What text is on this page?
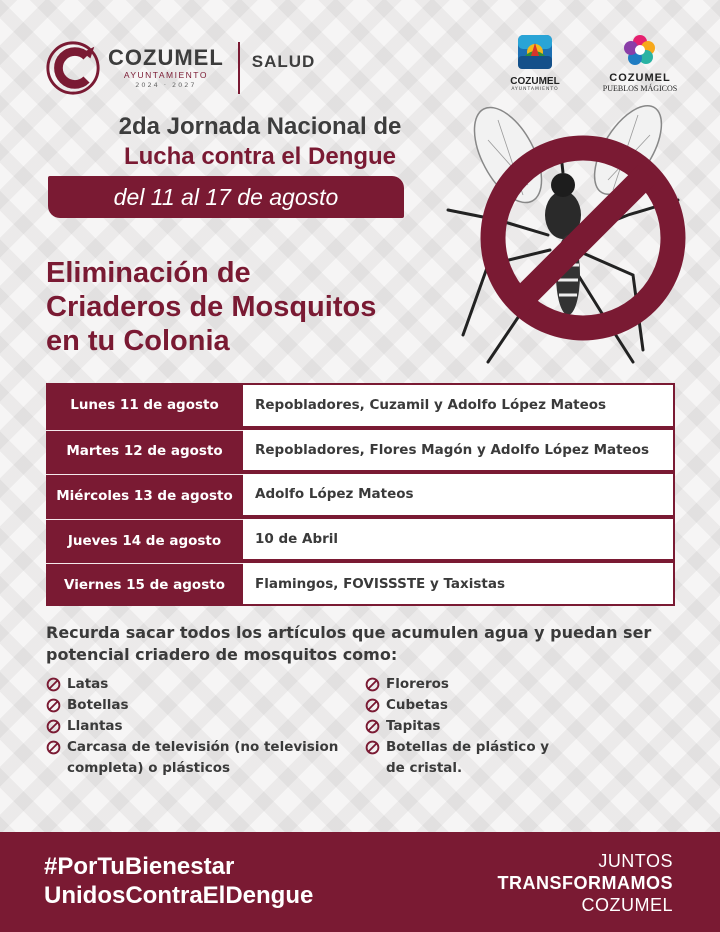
COZUMEL
AYUNTAMIENTO
2024 · 2027
SALUD
COZUMEL
AYUNTAMIENTO
COZUMEL
PUEBLOS MÁGICOS
2da Jornada Nacional de
Lucha contra el Dengue
del 11 al 17 de agosto
Eliminación de
Criaderos de Mosquitos
en tu Colonia
Lunes 11 de agosto	Repobladores, Cuzamil y Adolfo López Mateos
Martes 12 de agosto	Repobladores, Flores Magón y Adolfo López Mateos
Miércoles 13 de agosto	Adolfo López Mateos
Jueves 14 de agosto	10 de Abril
Viernes 15 de agosto	Flamingos, FOVISSSTE y Taxistas
Recurda sacar todos los artículos que acumulen agua y puedan ser potencial criadero de mosquitos como:
Latas
Botellas
Llantas
Carcasa de televisión (no television completa) o plásticos
Floreros
Cubetas
Tapitas
Botellas de plástico y de cristal.
#PorTuBienestar
UnidosContraElDengue
JUNTOS
TRANSFORMAMOS
COZUMEL
